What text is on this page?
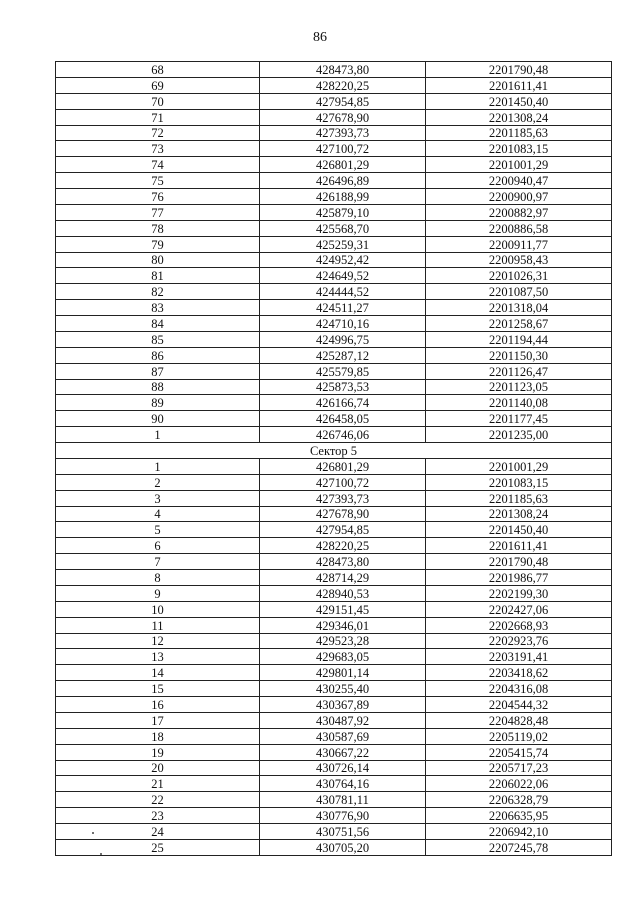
86
68	428473,80	2201790,48
69	428220,25	2201611,41
70	427954,85	2201450,40
71	427678,90	2201308,24
72	427393,73	2201185,63
73	427100,72	2201083,15
74	426801,29	2201001,29
75	426496,89	2200940,47
76	426188,99	2200900,97
77	425879,10	2200882,97
78	425568,70	2200886,58
79	425259,31	2200911,77
80	424952,42	2200958,43
81	424649,52	2201026,31
82	424444,52	2201087,50
83	424511,27	2201318,04
84	424710,16	2201258,67
85	424996,75	2201194,44
86	425287,12	2201150,30
87	425579,85	2201126,47
88	425873,53	2201123,05
89	426166,74	2201140,08
90	426458,05	2201177,45
1	426746,06	2201235,00
Сектор 5		
1	426801,29	2201001,29
2	427100,72	2201083,15
3	427393,73	2201185,63
4	427678,90	2201308,24
5	427954,85	2201450,40
6	428220,25	2201611,41
7	428473,80	2201790,48
8	428714,29	2201986,77
9	428940,53	2202199,30
10	429151,45	2202427,06
11	429346,01	2202668,93
12	429523,28	2202923,76
13	429683,05	2203191,41
14	429801,14	2203418,62
15	430255,40	2204316,08
16	430367,89	2204544,32
17	430487,92	2204828,48
18	430587,69	2205119,02
19	430667,22	2205415,74
20	430726,14	2205717,23
21	430764,16	2206022,06
22	430781,11	2206328,79
23	430776,90	2206635,95
24	430751,56	2206942,10
25	430705,20	2207245,78
